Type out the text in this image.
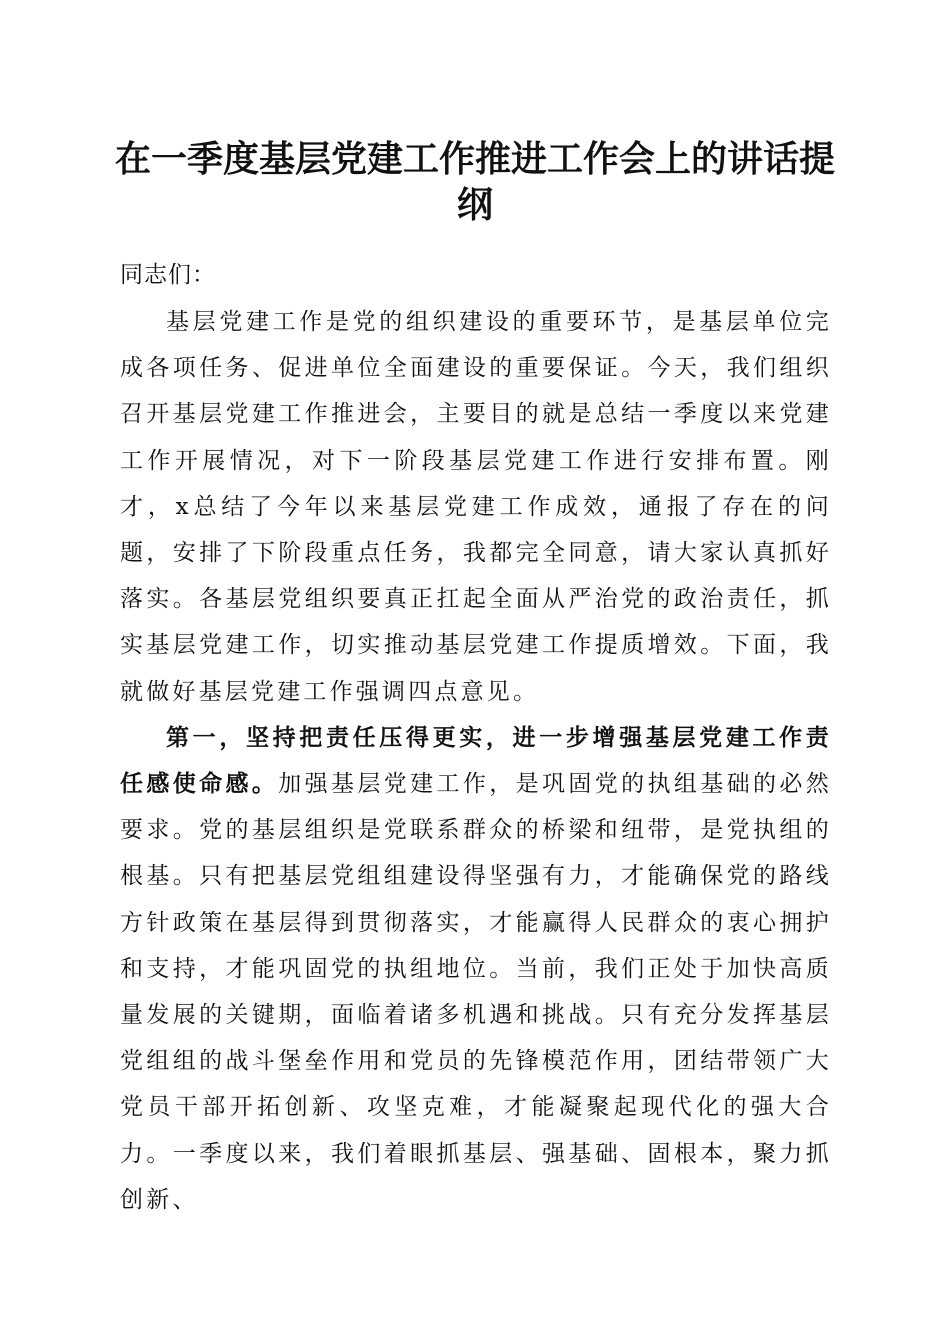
在一季度基层党建工作推进工作会上的讲话提纲

同志们：

基层党建工作是党的组织建设的重要环节，是基层单位完成各项任务、促进单位全面建设的重要保证。今天，我们组织召开基层党建工作推进会，主要目的就是总结一季度以来党建工作开展情况，对下一阶段基层党建工作进行安排布置。刚才，x总结了今年以来基层党建工作成效，通报了存在的问题，安排了下阶段重点任务，我都完全同意，请大家认真抓好落实。各基层党组织要真正扛起全面从严治党的政治责任，抓实基层党建工作，切实推动基层党建工作提质增效。下面，我就做好基层党建工作强调四点意见。

第一，坚持把责任压得更实，进一步增强基层党建工作责任感使命感。加强基层党建工作，是巩固党的执组基础的必然要求。党的基层组织是党联系群众的桥梁和纽带，是党执组的根基。只有把基层党组组建设得坚强有力，才能确保党的路线方针政策在基层得到贯彻落实，才能赢得人民群众的衷心拥护和支持，才能巩固党的执组地位。当前，我们正处于加快高质量发展的关键期，面临着诸多机遇和挑战。只有充分发挥基层党组组的战斗堡垒作用和党员的先锋模范作用，团结带领广大党员干部开拓创新、攻坚克难，才能凝聚起现代化的强大合力。一季度以来，我们着眼抓基层、强基础、固根本，聚力抓创新、
